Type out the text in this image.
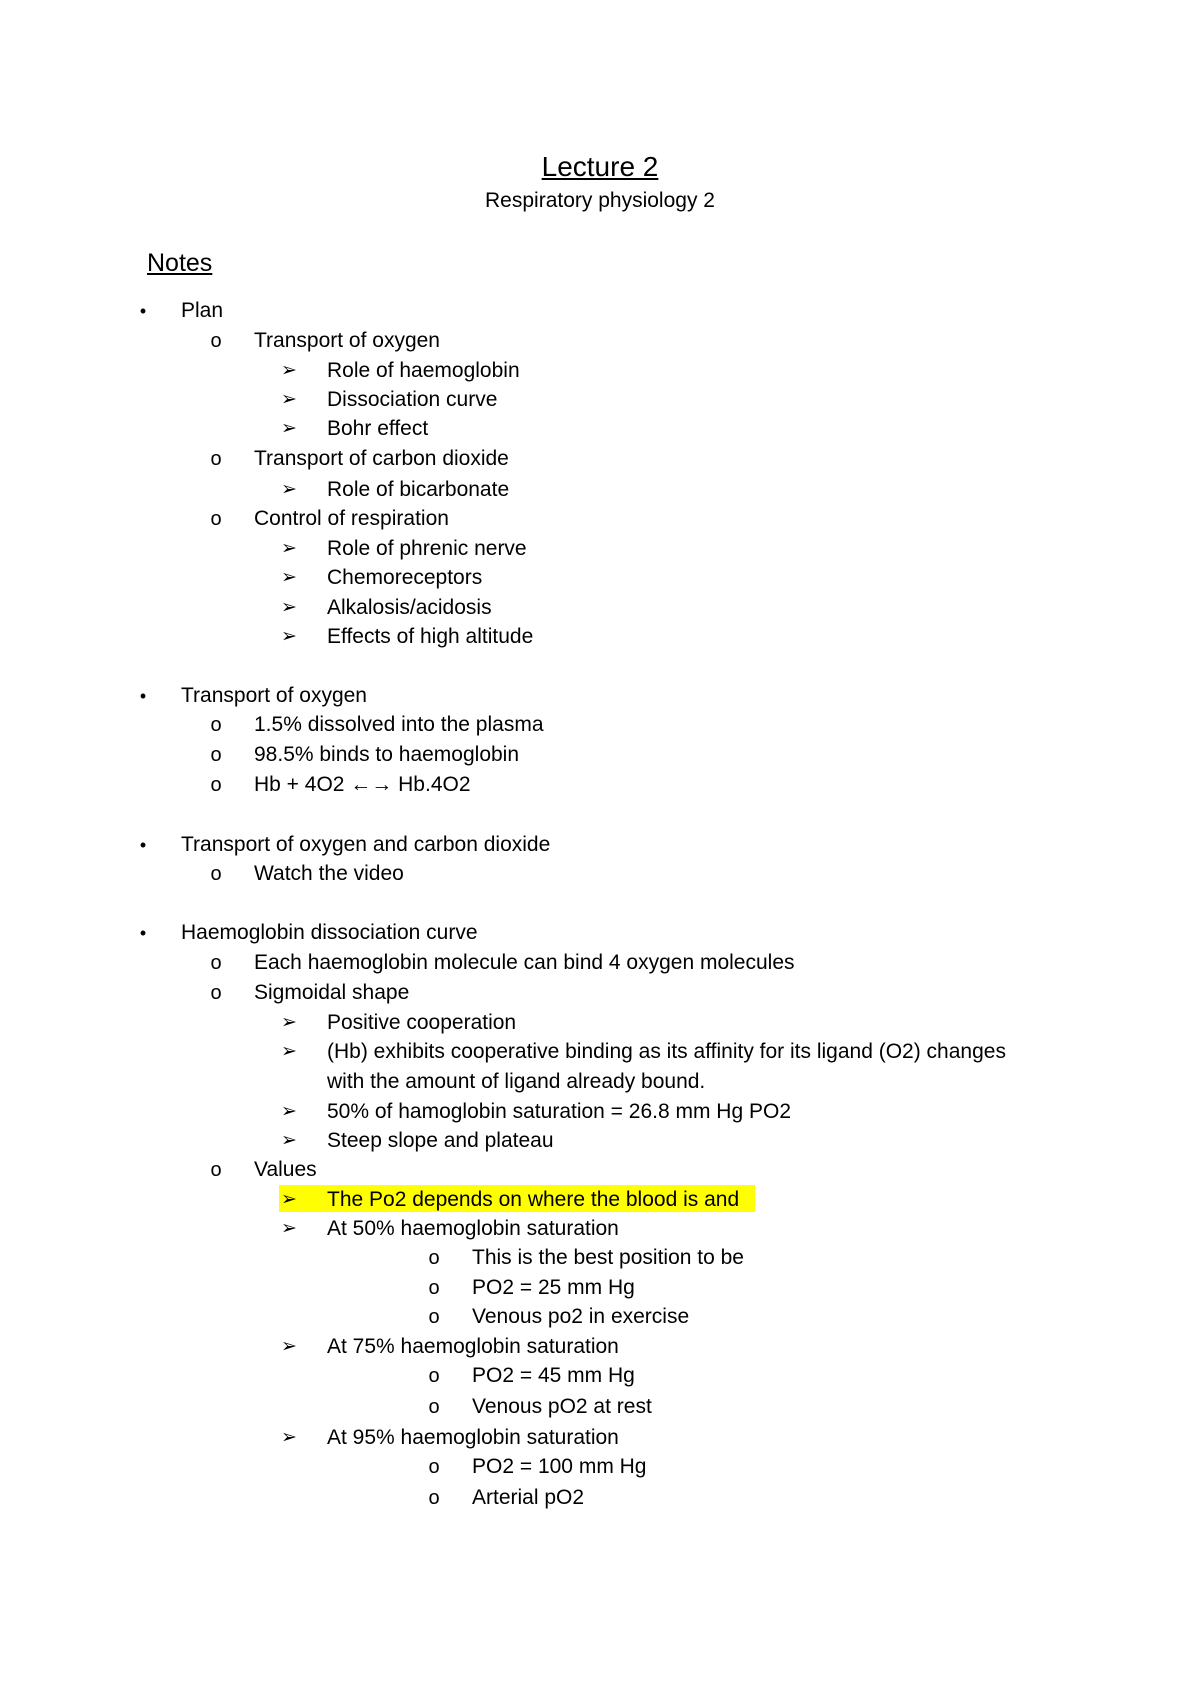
Lecture 2
Respiratory physiology 2
Notes
• Plan
o Transport of oxygen
➢ Role of haemoglobin
➢ Dissociation curve
➢ Bohr effect
o Transport of carbon dioxide
➢ Role of bicarbonate
o Control of respiration
➢ Role of phrenic nerve
➢ Chemoreceptors
➢ Alkalosis/acidosis
➢ Effects of high altitude
• Transport of oxygen
o 1.5% dissolved into the plasma
o 98.5% binds to haemoglobin
o Hb + 4O2 ←→ Hb.4O2
• Transport of oxygen and carbon dioxide
o Watch the video
• Haemoglobin dissociation curve
o Each haemoglobin molecule can bind 4 oxygen molecules
o Sigmoidal shape
➢ Positive cooperation
➢ (Hb) exhibits cooperative binding as its affinity for its ligand (O2) changes
with the amount of ligand already bound.
➢ 50% of hamoglobin saturation = 26.8 mm Hg PO2
➢ Steep slope and plateau
o Values
➢ The Po2 depends on where the blood is and
➢ At 50% haemoglobin saturation
o This is the best position to be
o PO2 = 25 mm Hg
o Venous po2 in exercise
➢ At 75% haemoglobin saturation
o PO2 = 45 mm Hg
o Venous pO2 at rest
➢ At 95% haemoglobin saturation
o PO2 = 100 mm Hg
o Arterial pO2
